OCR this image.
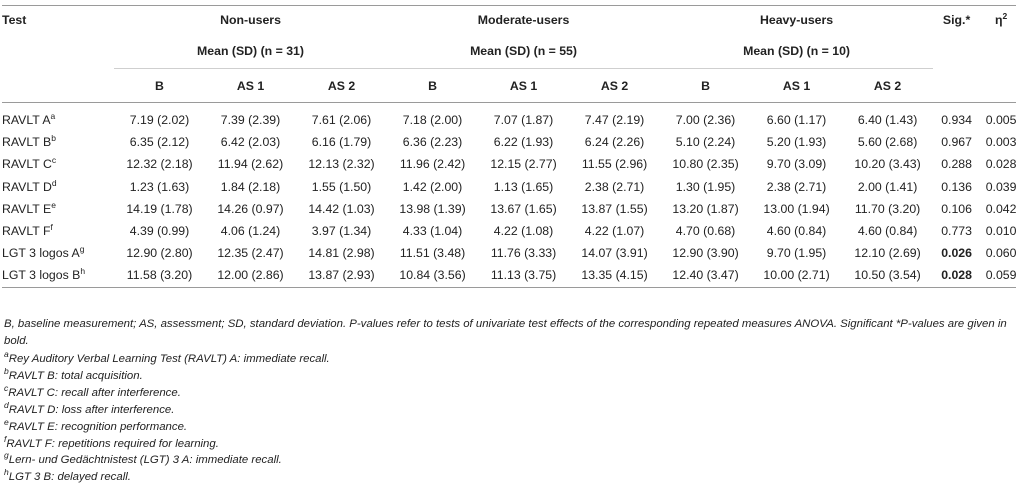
Test	Non-users			Moderate-users			Heavy-users			Sig.*	$\eta^2$
	Mean (SD) (n = 31)			Mean (SD) (n = 55)			Mean (SD) (n = 10)				
	B	AS 1	AS 2	B	AS 1	AS 2	B	AS 1	AS 2		
RAVLT $A^a$	7.19 (2.02)	7.39 (2.39)	7.61 (2.06)	7.18 (2.00)	7.07 (1.87)	7.47 (2.19)	7.00 (2.36)	6.60 (1.17)	6.40 (1.43)	0.934	0.005
RAVLT $B^b$	6.35 (2.12)	6.42 (2.03)	6.16 (1.79)	6.36 (2.23)	6.22 (1.93)	6.24 (2.26)	5.10 (2.24)	5.20 (1.93)	5.60 (2.68)	0.967	0.003
RAVLT $C^c$	12.32 (2.18)	11.94 (2.62)	12.13 (2.32)	11.96 (2.42)	12.15 (2.77)	11.55 (2.96)	10.80 (2.35)	9.70 (3.09)	10.20 (3.43)	0.288	0.028
RAVLT $D^d$	1.23 (1.63)	1.84 (2.18)	1.55 (1.50)	1.42 (2.00)	1.13 (1.65)	2.38 (2.71)	1.30 (1.95)	2.38 (2.71)	2.00 (1.41)	0.136	0.039
RAVLT $E^e$	14.19 (1.78)	14.26 (0.97)	14.42 (1.03)	13.98 (1.39)	13.67 (1.65)	13.87 (1.55)	13.20 (1.87)	13.00 (1.94)	11.70 (3.20)	0.106	0.042
RAVLT $F^f$	4.39 (0.99)	4.06 (1.24)	3.97 (1.34)	4.33 (1.04)	4.22 (1.08)	4.22 (1.07)	4.70 (0.68)	4.60 (0.84)	4.60 (0.84)	0.773	0.010
LGT 3 logos $A^g$	12.90 (2.80)	12.35 (2.47)	14.81 (2.98)	11.51 (3.48)	11.76 (3.33)	14.07 (3.91)	12.90 (3.90)	9.70 (1.95)	12.10 (2.69)	0.026	0.060
LGT 3 logos $B^h$	11.58 (3.20)	12.00 (2.86)	13.87 (2.93)	10.84 (3.56)	11.13 (3.75)	13.35 (4.15)	12.40 (3.47)	10.00 (2.71)	10.50 (3.54)	0.028	0.059

B, baseline measurement; AS, assessment; SD, standard deviation. P-values refer to tests of univariate test effects of the corresponding repeated measures ANOVA. Significant *P-values are given in bold.

$^a$Rey Auditory Verbal Learning Test (RAVLT) A: immediate recall.

$^b$RAVLT B: total acquisition.

$^c$RAVLT C: recall after interference.

$^d$RAVLT D: loss after interference.

$^e$RAVLT E: recognition performance.

$^f$RAVLT F: repetitions required for learning.

$^g$Lern- und Gedächtnistest (LGT) 3 A: immediate recall.

$^h$LGT 3 B: delayed recall.
